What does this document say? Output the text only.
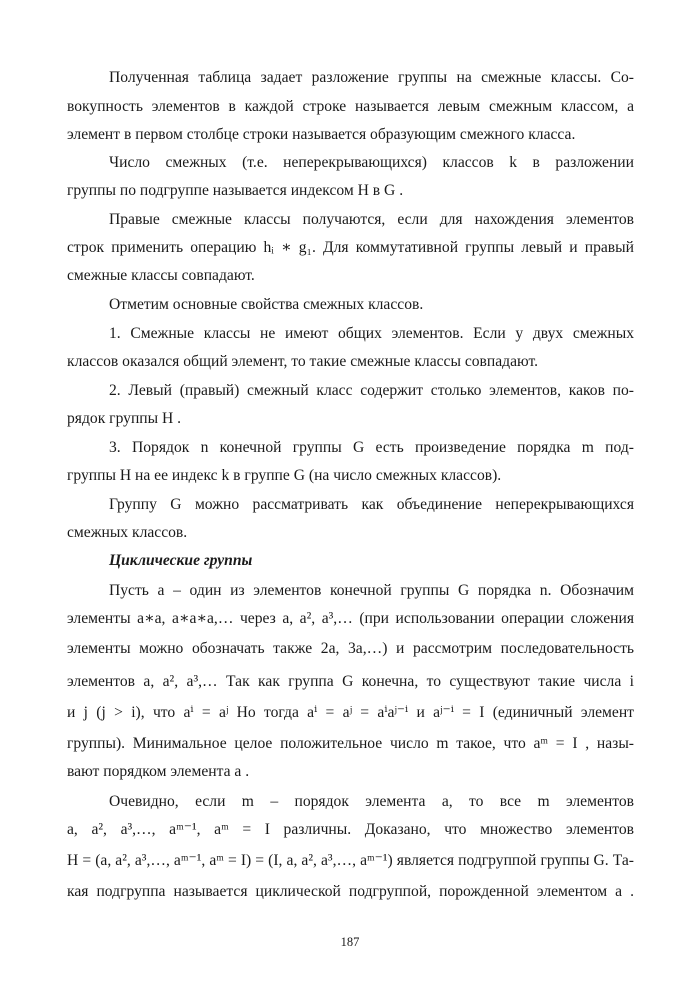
Полученная таблица задает разложение группы на смежные классы. Со-

вокупность элементов в каждой строке называется левым смежным классом, а

элемент в первом столбце строки называется образующим смежного класса.

Число смежных (т.е. неперекрывающихся) классов k в разложении

группы по подгруппе называется индексом H в G .

Правые смежные классы получаются, если для нахождения элементов

строк применить операцию hᵢ ∗ g₁. Для коммутативной группы левый и правый

смежные классы совпадают.

Отметим основные свойства смежных классов.

1. Смежные классы не имеют общих элементов. Если у двух смежных

классов оказался общий элемент, то такие смежные классы совпадают.

2. Левый (правый) смежный класс содержит столько элементов, каков по-

рядок группы H .

3. Порядок n конечной группы G есть произведение порядка m под-

группы H на ее индекс k в группе G (на число смежных классов).

Группу G можно рассматривать как объединение неперекрывающихся

смежных классов.

Циклические группы

Пусть a – один из элементов конечной группы G порядка n. Обозначим

элементы a∗a, a∗a∗a,… через a, a², a³,… (при использовании операции сложения

элементы можно обозначать также 2a, 3a,…) и рассмотрим последовательность

элементов a, a², a³,… Так как группа G конечна, то существуют такие числа i

и j (j > i), что aⁱ = aʲ Но тогда aⁱ = aʲ = aⁱaʲ⁻ⁱ и aʲ⁻ⁱ = I (единичный элемент

группы). Минимальное целое положительное число m такое, что aᵐ = I , назы-

вают порядком элемента a .

Очевидно, если m – порядок элемента a, то все m элементов

a, a², a³,…, aᵐ⁻¹, aᵐ = I различны. Доказано, что множество элементов

H = (a, a², a³,…, aᵐ⁻¹, aᵐ = I) = (I, a, a², a³,…, aᵐ⁻¹) является подгруппой группы G. Та-

кая подгруппа называется циклической подгруппой, порожденной элементом a .

187
